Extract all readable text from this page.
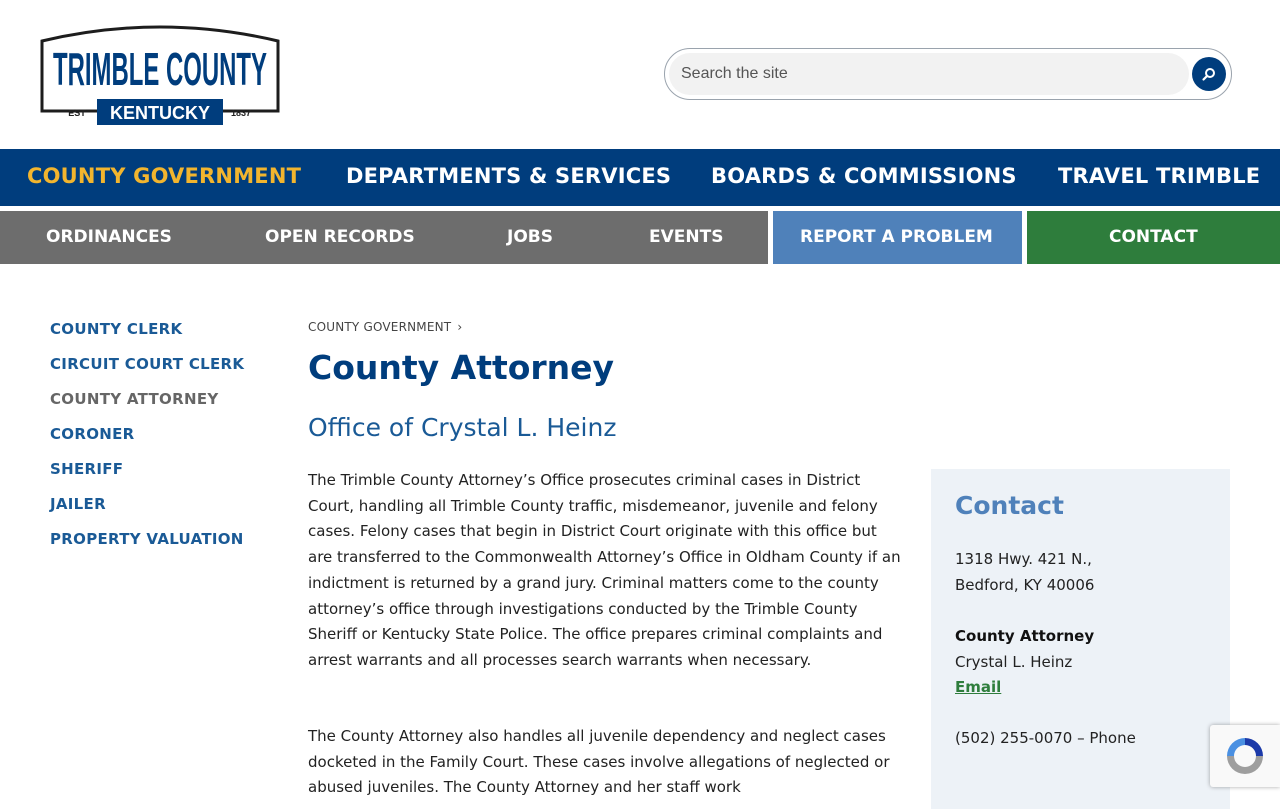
TRIMBLE COUNTY
KENTUCKY
EST	1837
Search the site
COUNTY GOVERNMENT DEPARTMENTS & SERVICES BOARDS & COMMISSIONS TRAVEL TRIMBLE
ORDINANCES	OPEN RECORDS	JOBS	EVENTS	REPORT A PROBLEM	CONTACT
COUNTY CLERK
CIRCUIT COURT CLERK
COUNTY ATTORNEY
CORONER
SHERIFF
JAILER
PROPERTY VALUATION
COUNTY GOVERNMENT ›
County Attorney
Office of Crystal L. Heinz

The Trimble County Attorney’s Office prosecutes criminal cases in District Court, handling all Trimble County traffic, misdemeanor, juvenile and felony cases. Felony cases that begin in District Court originate with this office but are transferred to the Commonwealth Attorney’s Office in Oldham County if an indictment is returned by a grand jury. Criminal matters come to the county attorney’s office through investigations conducted by the Trimble County Sheriff or Kentucky State Police. The office prepares criminal complaints and arrest warrants and all processes search warrants when necessary.

The County Attorney also handles all juvenile dependency and neglect cases docketed in the Family Court. These cases involve allegations of neglected or abused juveniles. The County Attorney and her staff work

Contact
1318 Hwy. 421 N.,
Bedford, KY 40006
County Attorney
Crystal L. Heinz
Email
(502) 255-0070 – Phone
